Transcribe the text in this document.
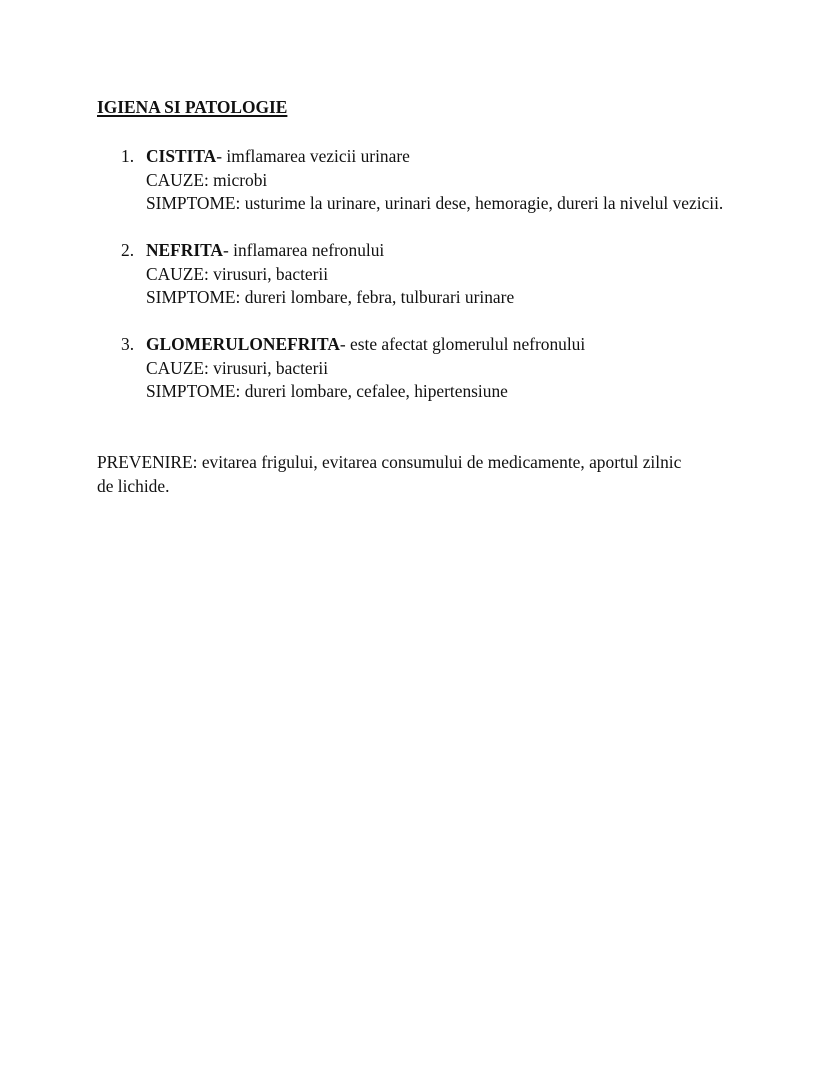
IGIENA SI PATOLOGIE
1. CISTITA- imflamarea vezicii urinare
CAUZE: microbi
SIMPTOME: usturime la urinare, urinari dese, hemoragie, dureri la nivelul vezicii.
2. NEFRITA- inflamarea nefronului
CAUZE: virusuri, bacterii
SIMPTOME: dureri lombare, febra, tulburari urinare
3. GLOMERULONEFRITA- este afectat glomerulul nefronului
CAUZE: virusuri, bacterii
SIMPTOME: dureri lombare, cefalee, hipertensiune

PREVENIRE: evitarea frigului, evitarea consumului de medicamente, aportul zilnic de lichide.
